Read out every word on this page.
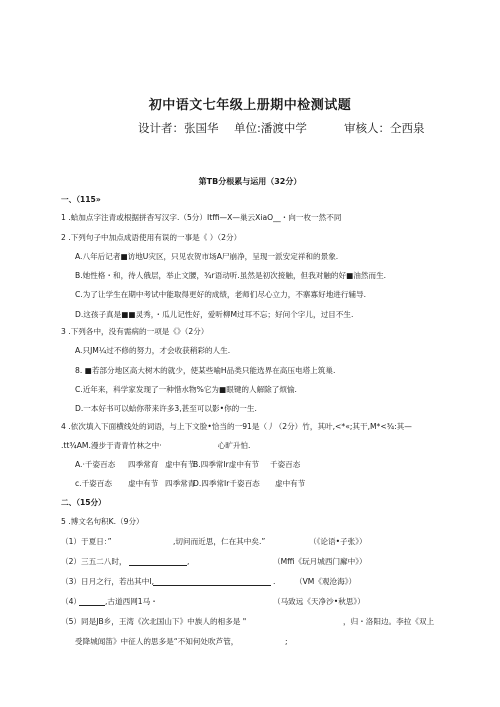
初中语文七年级上册期中检测试题
设计者：张国华 单位:潘渡中学	审核人：仝西泉
第TB分根累与运用（32分）
一、（115»
1 .蛤加点字注青或根据拼杳写汉字.（5分）Itffi—X—巢云XiaO__・向一枚一然不同
2 .下列句子中加点成语使用有误的一事是《 ）（2分）
A.八年后记者■访地U灾区，只见农贺市场A尸崩净，呈现一派安定祥和的景象.
B.她性格・和，待人俄层，举止文腰，¾r语动听.虽然是初次接触，但我对触的好■油然而生.
C.为了让学生在期中考试中能取得更好的成绩，老师们尽心立力，不寨寡好地进行辅导.
D.这孩子真是■■灵秀，・瓜儿记性好，爱听柳M过耳不忘；好问个字儿，过目不生.
3 .下列各中，没有需病的一项是《》（2分）
A.只JM¼过不修的努力，才会收获稍彩的人生.
8. ■若部分地区高大树木的就少，使某些喻H品类只能选界在高压电塔上筑巢.
C.近年来，科学家发现了一种惜水物%它为■眼键的人解除了烦愉.
D.一本好书可以蛤你带来许多3,甚至可以影•你的一生.
4 .依次填入下面横线处的词语，与上下文脸•恰当的一91是（丿（2分）竹，其叶,<*«;其干,M*<¾:其—
.tt¾AM.漫步于青青竹林之中·	心旷升怕.
A.·千姿百态 四季常育 虚中有节
B.四季常Ir虚中有节 千姿百态
c.千姿百态 虚中有节 四季常青
D.四季常Ir千姿百态 虚中有节
二、（15分）
5 .博文名句积K.（9分）
（1）于夏日：”	,切问而近思，仁在其中矣.”	（《论语•子张》）
（2）三五二八时，	,	（Mffi《玩月城西门廨中》）
（3）日月之行，若出其中I,	.	（VM《观沧海》）
（4）	,古道西网1马・	（马致远《天净沙•秋思》）
（5）同是JB乡，王湾《次北国山下》中族人的相多是 "	，归・洛阳边。李拉《双上
受降城闻笛》中征人的思多是“不知何处吹芦管，	;
